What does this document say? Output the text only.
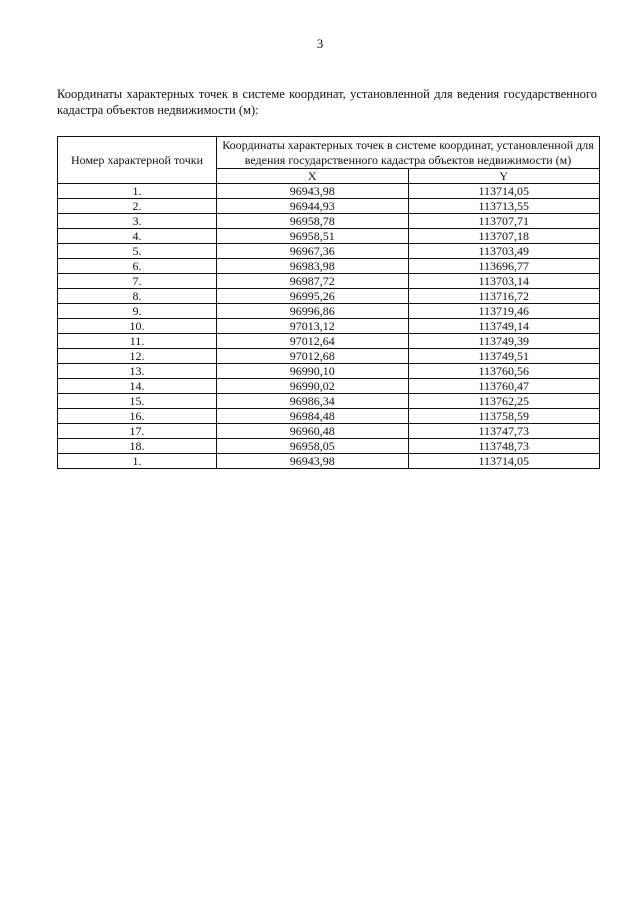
3
Координаты характерных точек в системе координат, установленной для ведения государственного кадастра объектов недвижимости (м):
Номер характерной точки	Координаты характерных точек в системе координат, установленной для ведения государственного кадастра объектов недвижимости (м)	
	X	Y
1.	96943,98	113714,05
2.	96944,93	113713,55
3.	96958,78	113707,71
4.	96958,51	113707,18
5.	96967,36	113703,49
6.	96983,98	113696,77
7.	96987,72	113703,14
8.	96995,26	113716,72
9.	96996,86	113719,46
10.	97013,12	113749,14
11.	97012,64	113749,39
12.	97012,68	113749,51
13.	96990,10	113760,56
14.	96990,02	113760,47
15.	96986,34	113762,25
16.	96984,48	113758,59
17.	96960,48	113747,73
18.	96958,05	113748,73
1.	96943,98	113714,05
